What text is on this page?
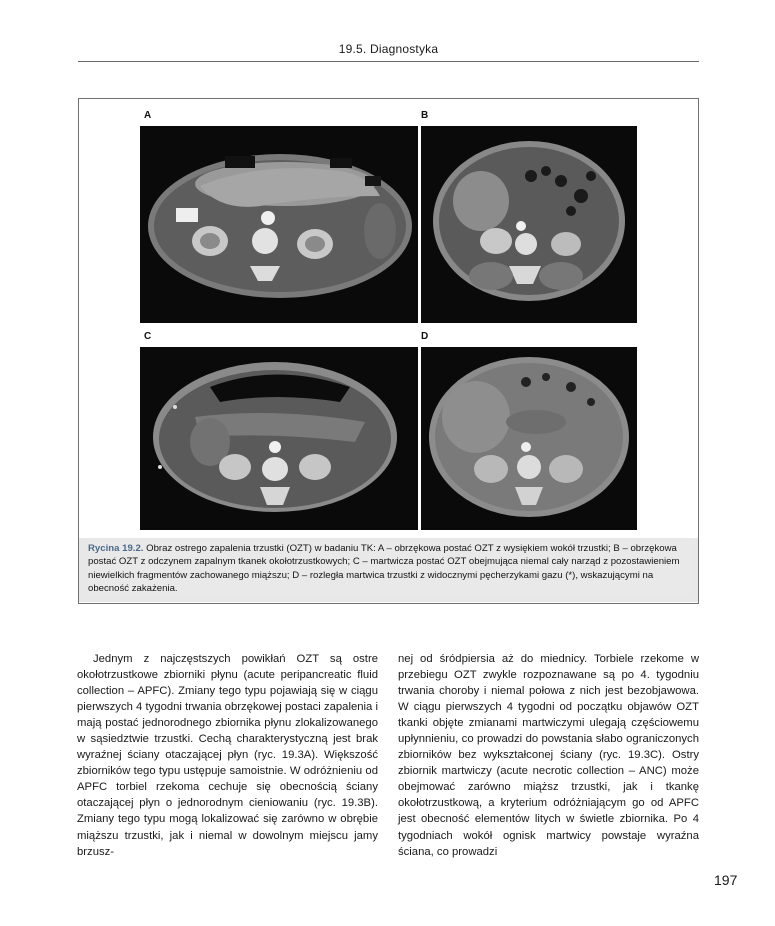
19.5. Diagnostyka
A	B
C	D
Rycina 19.2. Obraz ostrego zapalenia trzustki (OZT) w badaniu TK: A – obrzękowa postać OZT z wysiękiem wokół trzustki; B – obrzękowa postać OZT z odczynem zapalnym tkanek okołotrzustkowych; C – martwicza postać OZT obejmująca niemal cały narząd z pozostawieniem niewielkich fragmentów zachowanego miąższu; D – rozległa martwica trzustki z widocznymi pęcherzykami gazu (*), wskazującymi na obecność zakażenia.

Jednym z najczęstszych powikłań OZT są ostre okołotrzustkowe zbiorniki płynu (acute peripancreatic fluid collection – APFC). Zmiany tego typu pojawiają się w ciągu pierwszych 4 tygodni trwania obrzękowej postaci zapalenia i mają postać jednorodnego zbiornika płynu zlokalizowanego w sąsiedztwie trzustki. Cechą charakterystyczną jest brak wyraźnej ściany otaczającej płyn (ryc. 19.3A). Większość zbiorników tego typu ustępuje samoistnie. W odróżnieniu od APFC torbiel rzekoma cechuje się obecnością ściany otaczającej płyn o jednorodnym cieniowaniu (ryc. 19.3B). Zmiany tego typu mogą lokalizować się zarówno w obrębie miąższu trzustki, jak i niemal w dowolnym miejscu jamy brzusz-

nej od śródpiersia aż do miednicy. Torbiele rzekome w przebiegu OZT zwykle rozpoznawane są po 4. tygodniu trwania choroby i niemal połowa z nich jest bezobjawowa. W ciągu pierwszych 4 tygodni od początku objawów OZT tkanki objęte zmianami martwiczymi ulegają częściowemu upłynnieniu, co prowadzi do powstania słabo ograniczonych zbiorników bez wykształconej ściany (ryc. 19.3C). Ostry zbiornik martwiczy (acute necrotic collection – ANC) może obejmować zarówno miąższ trzustki, jak i tkankę okołotrzustkową, a kryterium odróżniającym go od APFC jest obecność elementów litych w świetle zbiornika. Po 4 tygodniach wokół ognisk martwicy powstaje wyraźna ściana, co prowadzi

197
